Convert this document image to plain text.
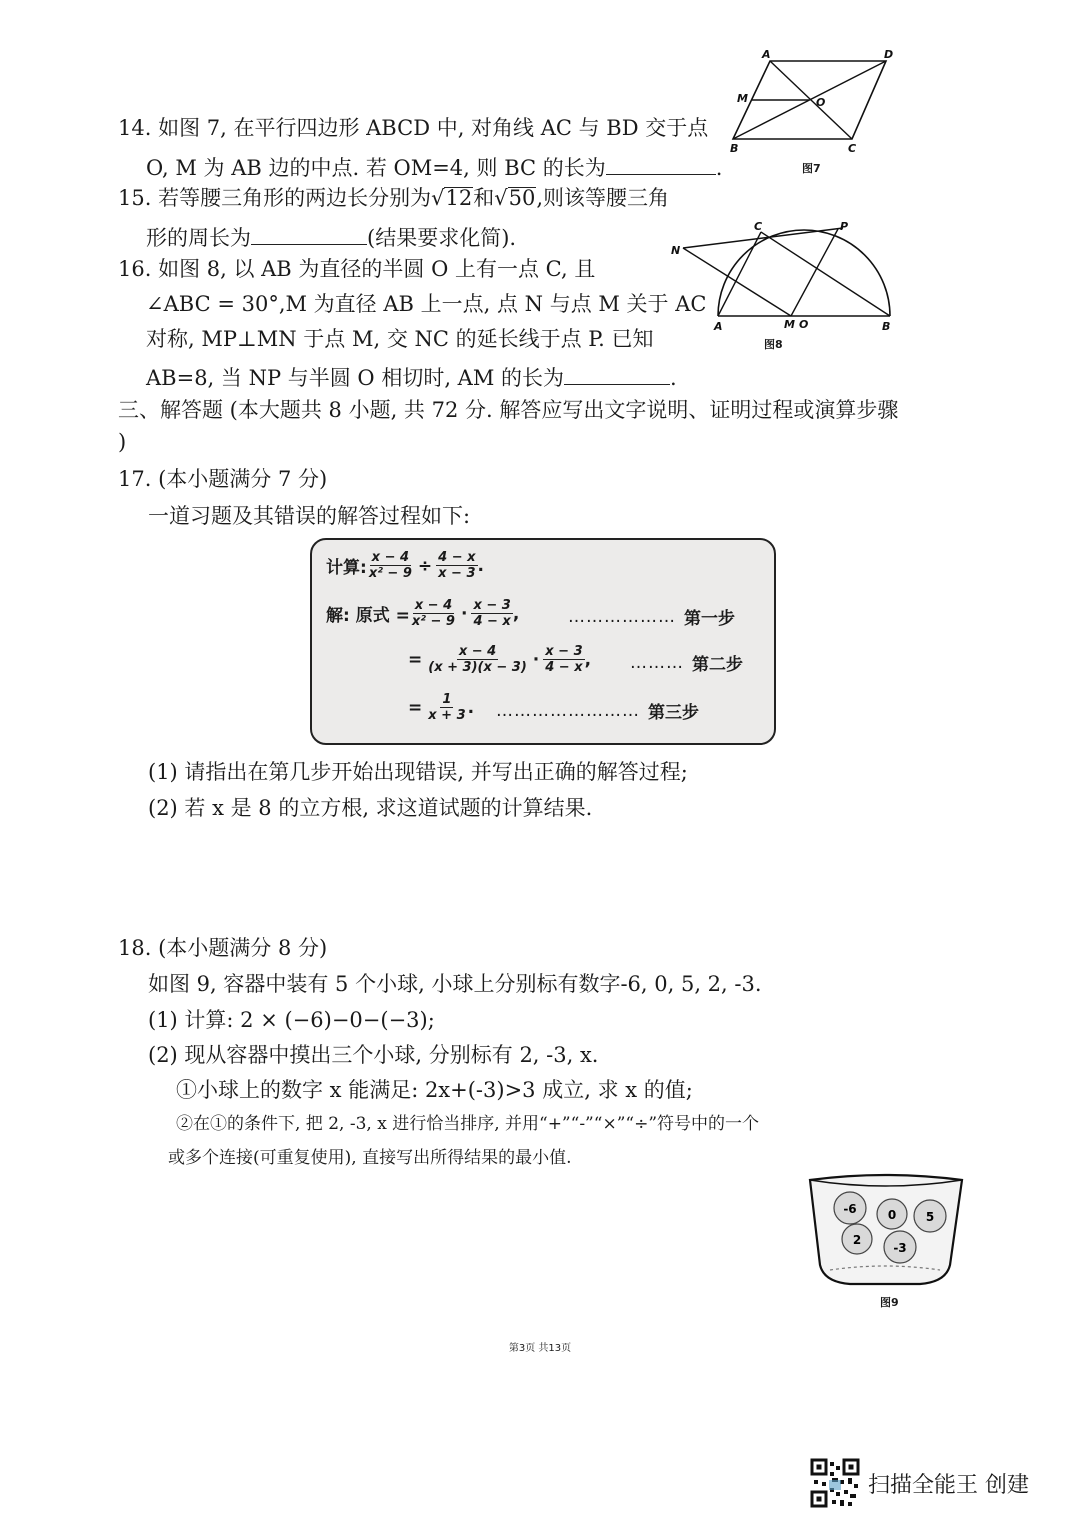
14. 如图 7, 在平行四边形 ABCD 中, 对角线 AC 与 BD 交于点
O, M 为 AB 边的中点. 若 OM=4, 则 BC 的长为	.
A	D
M	O
B	C
图7
15. 若等腰三角形的两边长分别为√12和√50,则该等腰三角
形的周长为	(结果要求化简).
16. 如图 8, 以 AB 为直径的半圆 O 上有一点 C, 且
∠ABC = 30°,M 为直径 AB 上一点, 点 N 与点 M 关于 AC
对称, MP⊥MN 于点 M, 交 NC 的延长线于点 P. 已知
AB=8, 当 NP 与半圆 O 相切时, AM 的长为	.
N
C	P
A	M O	B
图8
三、解答题 (本大题共 8 小题, 共 72 分. 解答应写出文字说明、证明过程或演算步骤
)
17. (本小题满分 7 分)
一道习题及其错误的解答过程如下:
计算: $\frac{x - 4}{\text{x² − 9}} \div \frac{4 - x}{x - 3}$ .
解: 原式 = $\frac{x - 4}{\text{x² − 9}} \cdot \frac{x - 3}{4 - x}$ ,	……………… 第一步
= $\frac{x - 4}{(x + 3)(x - 3)} \cdot \frac{x - 3}{4 - x}$ , ……… 第二步
= $\frac{1}{x + 3}$ . …………………… 第三步
(1) 请指出在第几步开始出现错误, 并写出正确的解答过程;
(2) 若 x 是 8 的立方根, 求这道试题的计算结果.
18. (本小题满分 8 分)
如图 9, 容器中装有 5 个小球, 小球上分别标有数字-6, 0, 5, 2, -3.
(1) 计算: 2 × (−6)−0−(−3);
(2) 现从容器中摸出三个小球, 分别标有 2, -3, x.
①小球上的数字 x 能满足: 2x+(-3)>3 成立, 求 x 的值;
②在①的条件下, 把 2, -3, x 进行恰当排序, 并用“+”“-”“×”“÷”符号中的一个
或多个连接(可重复使用), 直接写出所得结果的最小值.
-6	0 5
2
-3
图9
第3页 共13页
扫描全能王 创建
